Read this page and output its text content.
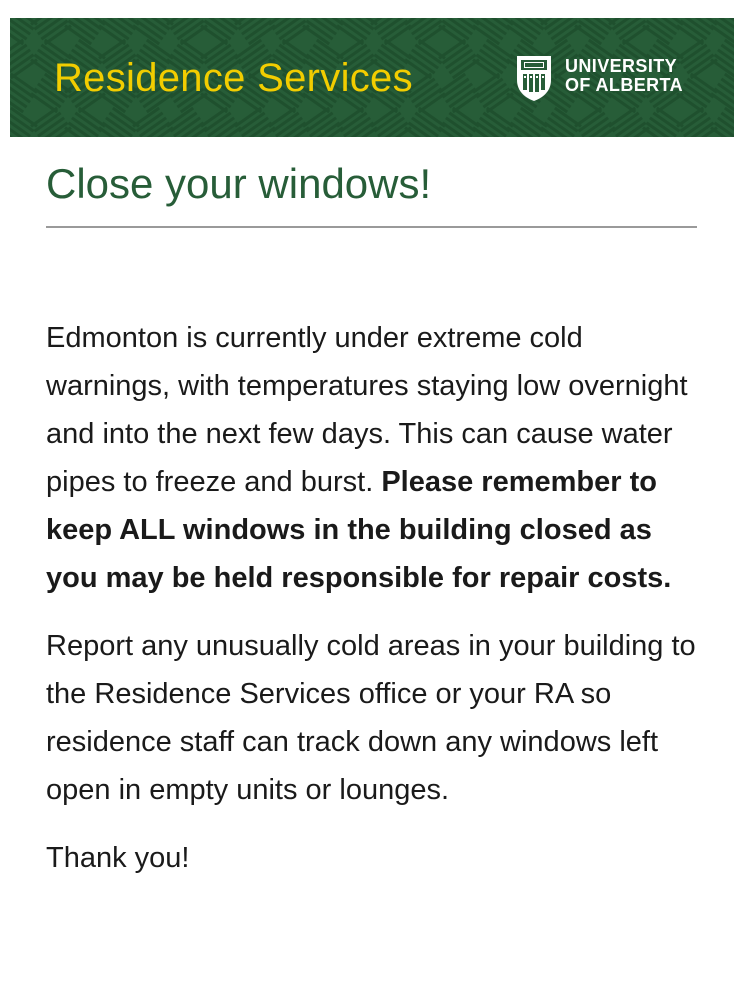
Residence Services	UNIVERSITY
OF ALBERTA
Close your windows!

Edmonton is currently under extreme cold warnings, with temperatures staying low overnight and into the next few days. This can cause water pipes to freeze and burst. Please remember to keep ALL windows in the building closed as you may be held responsible for repair costs.

Report any unusually cold areas in your building to the Residence Services office or your RA so residence staff can track down any windows left open in empty units or lounges.

Thank you!
